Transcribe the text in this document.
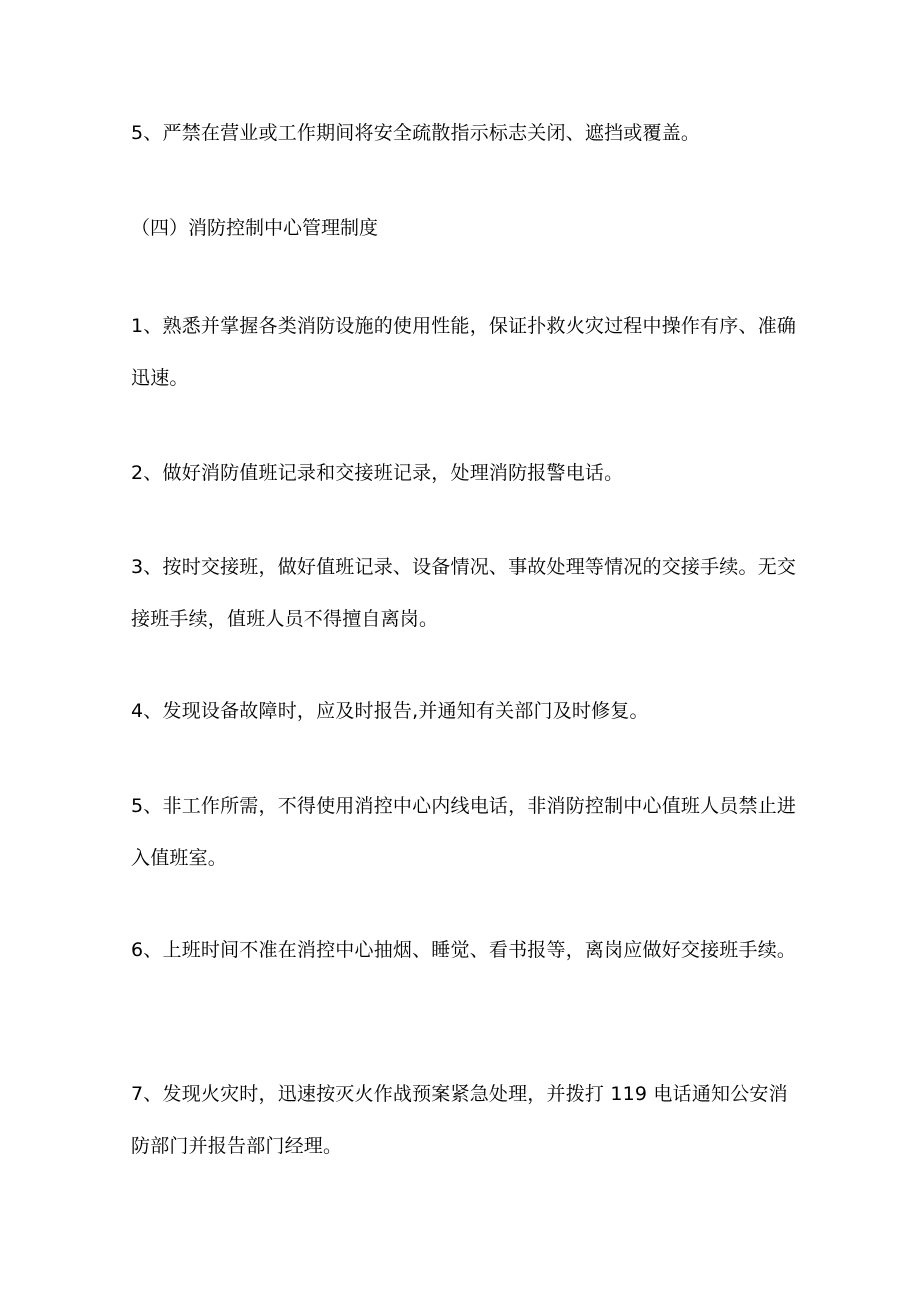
5、严禁在营业或工作期间将安全疏散指示标志关闭、遮挡或覆盖。

（四）消防控制中心管理制度

1、熟悉并掌握各类消防设施的使用性能，保证扑救火灾过程中操作有序、准确迅速。

2、做好消防值班记录和交接班记录，处理消防报警电话。

3、按时交接班，做好值班记录、设备情况、事故处理等情况的交接手续。无交接班手续，值班人员不得擅自离岗。

4、发现设备故障时，应及时报告,并通知有关部门及时修复。

5、非工作所需，不得使用消控中心内线电话，非消防控制中心值班人员禁止进入值班室。

6、上班时间不准在消控中心抽烟、睡觉、看书报等，离岗应做好交接班手续。

7、发现火灾时，迅速按灭火作战预案紧急处理，并拨打 119 电话通知公安消防部门并报告部门经理。
